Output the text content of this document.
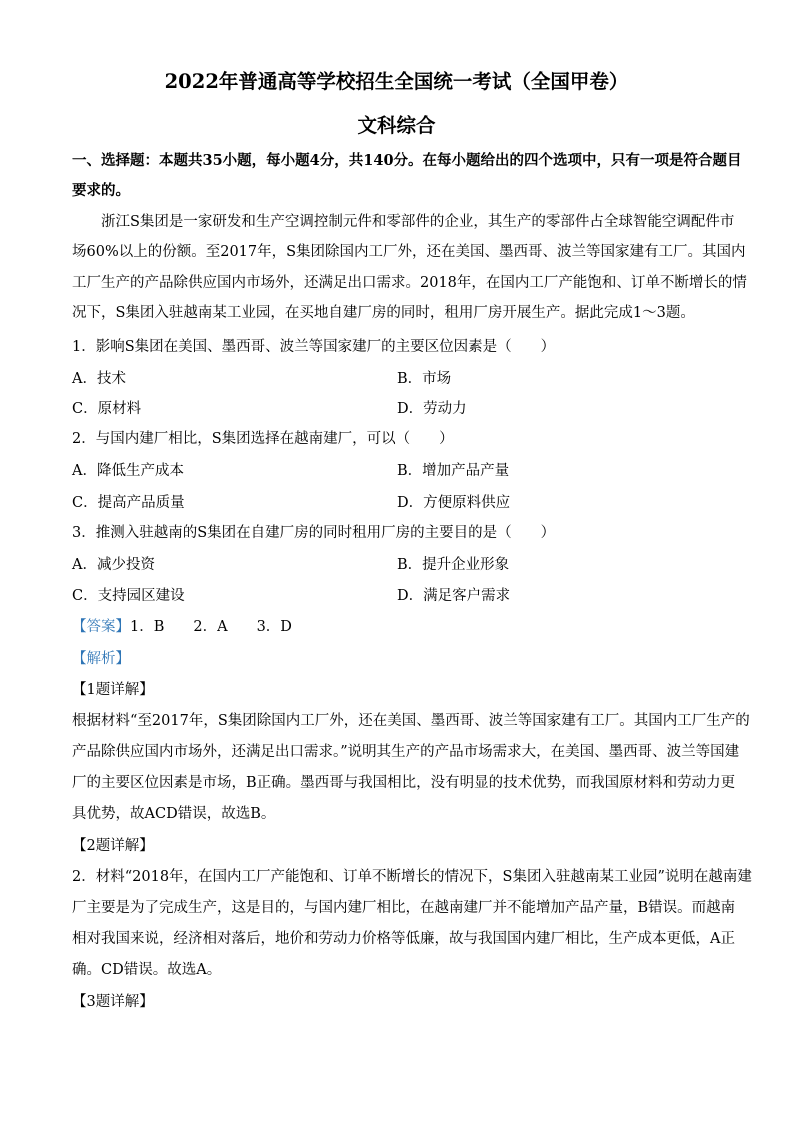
2022年普通高等学校招生全国统一考试（全国甲卷）
文科综合
一、选择题：本题共35小题，每小题4分，共140分。在每小题给出的四个选项中，只有一项是符合题目
要求的。
浙江S集团是一家研发和生产空调控制元件和零部件的企业，其生产的零部件占全球智能空调配件市
场60%以上的份额。至2017年，S集团除国内工厂外，还在美国、墨西哥、波兰等国家建有工厂。其国内
工厂生产的产品除供应国内市场外，还满足出口需求。2018年，在国内工厂产能饱和、订单不断增长的情
况下，S集团入驻越南某工业园，在买地自建厂房的同时，租用厂房开展生产。据此完成1～3题。
1．影响S集团在美国、墨西哥、波兰等国家建厂的主要区位因素是（　　）
A．技术	B．市场
C．原材料	D．劳动力
2．与国内建厂相比，S集团选择在越南建厂，可以（　　）
A．降低生产成本	B．增加产品产量
C．提高产品质量	D．方便原料供应
3．推测入驻越南的S集团在自建厂房的同时租用厂房的主要目的是（　　）
A．减少投资	B．提升企业形象
C．支持园区建设	D．满足客户需求
【答案】1．B　　2．A　　3．D
【解析】
【1题详解】
根据材料“至2017年，S集团除国内工厂外，还在美国、墨西哥、波兰等国家建有工厂。其国内工厂生产的
产品除供应国内市场外，还满足出口需求。”说明其生产的产品市场需求大，在美国、墨西哥、波兰等国建
厂的主要区位因素是市场，B正确。墨西哥与我国相比，没有明显的技术优势，而我国原材料和劳动力更
具优势，故ACD错误，故选B。
【2题详解】
2．材料“2018年，在国内工厂产能饱和、订单不断增长的情况下，S集团入驻越南某工业园”说明在越南建
厂主要是为了完成生产，这是目的，与国内建厂相比，在越南建厂并不能增加产品产量，B错误。而越南
相对我国来说，经济相对落后，地价和劳动力价格等低廉，故与我国国内建厂相比，生产成本更低，A正
确。CD错误。故选A。
【3题详解】
